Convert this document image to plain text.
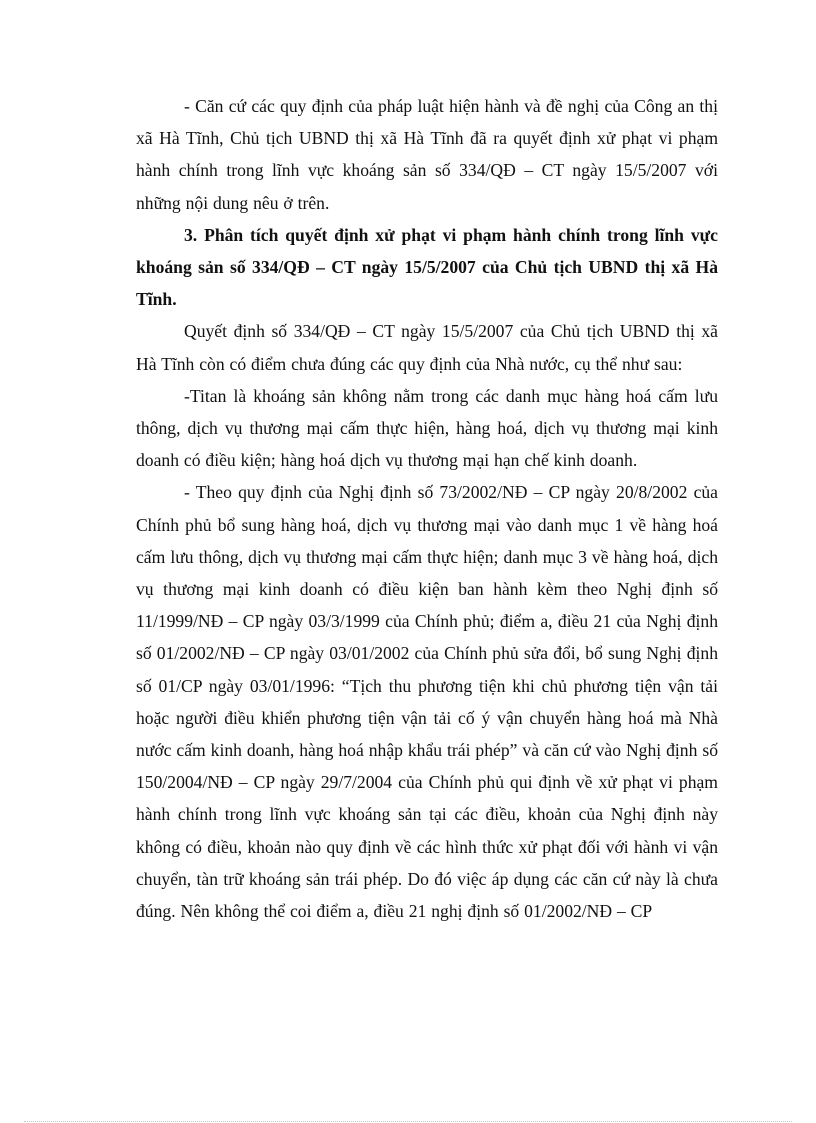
- Căn cứ các quy định của pháp luật hiện hành và đề nghị của Công an thị xã Hà Tĩnh, Chủ tịch UBND thị xã Hà Tĩnh đã ra quyết định xử phạt vi phạm hành chính trong lĩnh vực khoáng sản số 334/QĐ – CT ngày 15/5/2007 với những nội dung nêu ở trên.

3. Phân tích quyết định xử phạt vi phạm hành chính trong lĩnh vực khoáng sản số 334/QĐ – CT ngày 15/5/2007 của Chủ tịch UBND thị xã Hà Tĩnh.

Quyết định số 334/QĐ – CT ngày 15/5/2007 của Chủ tịch UBND thị xã Hà Tĩnh còn có điểm chưa đúng các quy định của Nhà nước, cụ thể như sau:

-Titan là khoáng sản không nằm trong các danh mục hàng hoá cấm lưu thông, dịch vụ thương mại cấm thực hiện, hàng hoá, dịch vụ thương mại kinh doanh có điều kiện; hàng hoá dịch vụ thương mại hạn chế kinh doanh.

- Theo quy định của Nghị định số 73/2002/NĐ – CP ngày 20/8/2002 của Chính phủ bổ sung hàng hoá, dịch vụ thương mại vào danh mục 1 về hàng hoá cấm lưu thông, dịch vụ thương mại cấm thực hiện; danh mục 3 về hàng hoá, dịch vụ thương mại kinh doanh có điều kiện ban hành kèm theo Nghị định số 11/1999/NĐ – CP ngày 03/3/1999 của Chính phủ; điểm a, điều 21 của Nghị định số 01/2002/NĐ – CP ngày 03/01/2002 của Chính phủ sửa đổi, bổ sung Nghị định số 01/CP ngày 03/01/1996: “Tịch thu phương tiện khi chủ phương tiện vận tải hoặc người điều khiển phương tiện vận tải cố ý vận chuyển hàng hoá mà Nhà nước cấm kinh doanh, hàng hoá nhập khẩu trái phép” và căn cứ vào Nghị định số 150/2004/NĐ – CP ngày 29/7/2004 của Chính phủ qui định về xử phạt vi phạm hành chính trong lĩnh vực khoáng sản tại các điều, khoản của Nghị định này không có điều, khoản nào quy định về các hình thức xử phạt đối với hành vi vận chuyển, tàn trữ khoáng sản trái phép. Do đó việc áp dụng các căn cứ này là chưa đúng. Nên không thể coi điểm a, điều 21 nghị định số 01/2002/NĐ – CP
